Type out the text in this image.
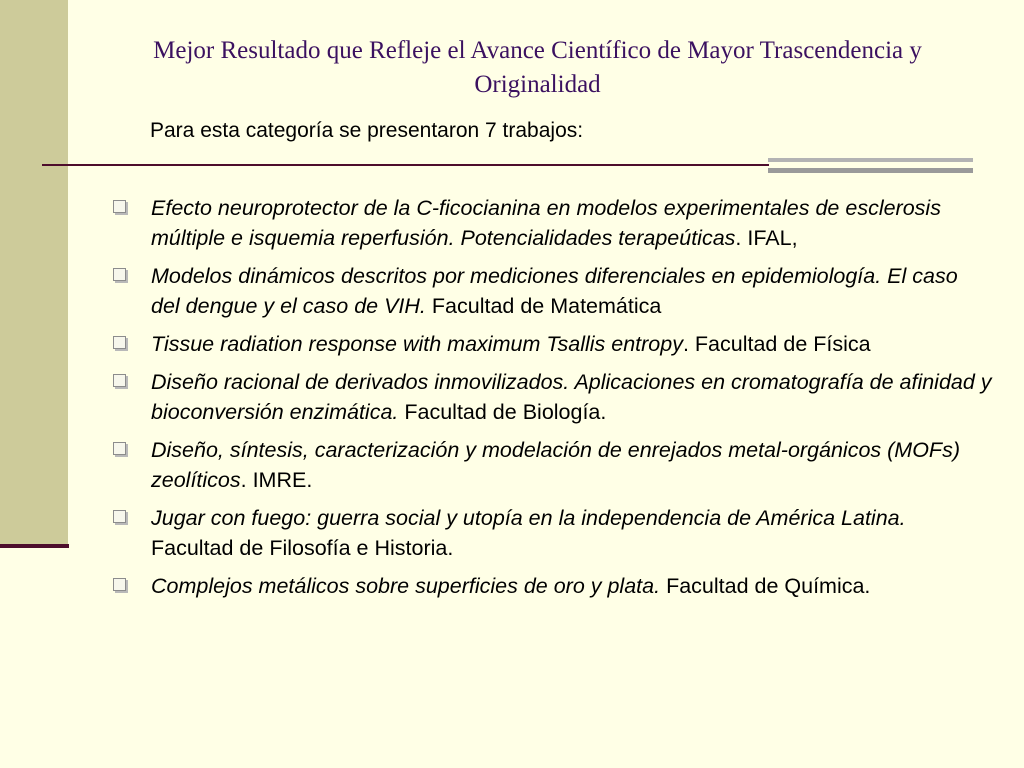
Mejor Resultado que Refleje el Avance Científico de Mayor Trascendencia y Originalidad
Para esta categoría se presentaron 7 trabajos:
Efecto neuroprotector de la C-ficocianina en modelos experimentales de esclerosis múltiple e isquemia reperfusión. Potencialidades terapeúticas. IFAL,
Modelos dinámicos descritos por mediciones diferenciales en epidemiología. El caso del dengue y el caso de VIH. Facultad de Matemática
Tissue radiation response with maximum Tsallis entropy. Facultad de Física
Diseño racional de derivados inmovilizados. Aplicaciones en cromatografía de afinidad y bioconversión enzimática. Facultad de Biología.
Diseño, síntesis, caracterización y modelación de enrejados metal-orgánicos (MOFs) zeolíticos. IMRE.
Jugar con fuego: guerra social y utopía en la independencia de América Latina. Facultad de Filosofía e Historia.
Complejos metálicos sobre superficies de oro y plata. Facultad de Química.
